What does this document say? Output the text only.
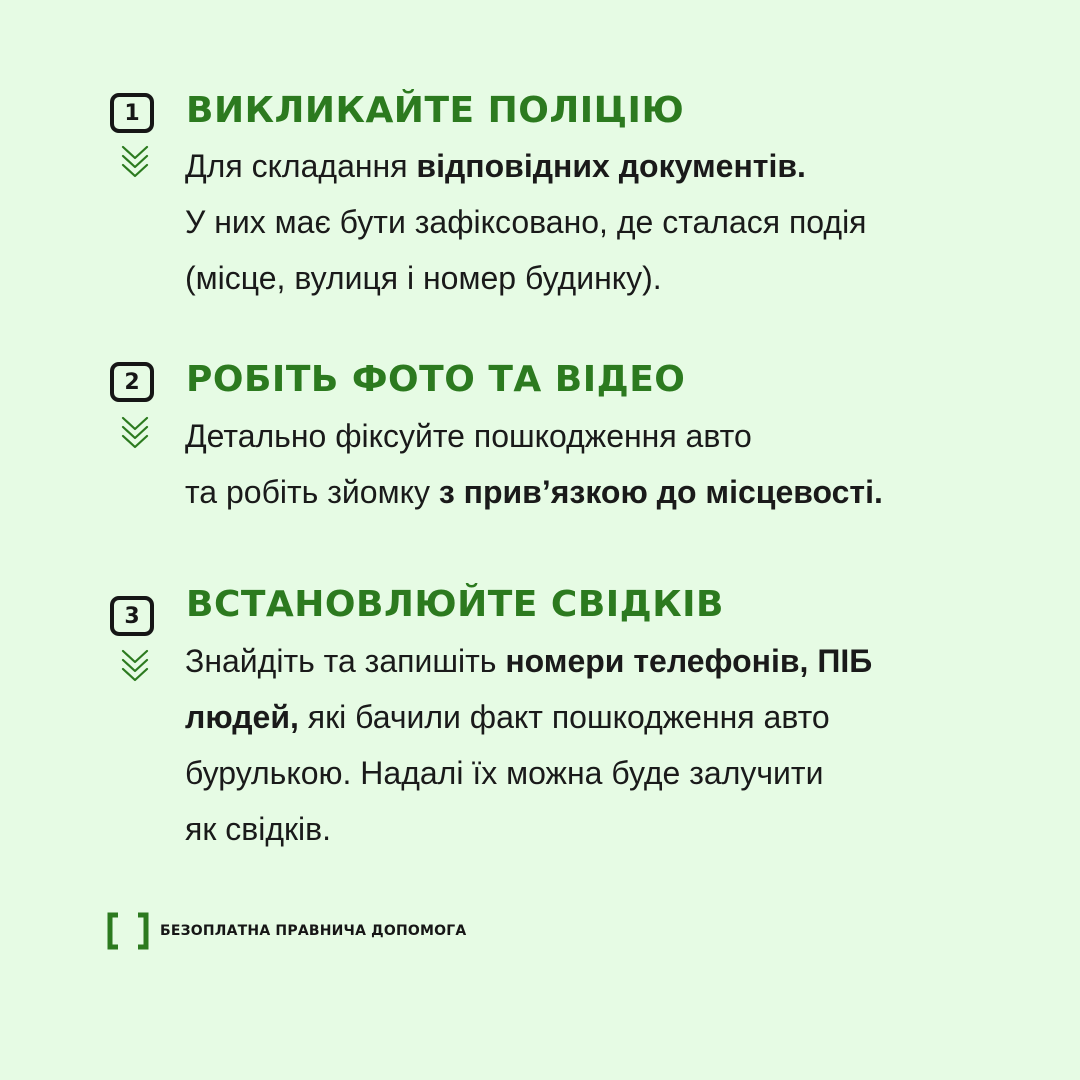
1	ВИКЛИКАЙТЕ ПОЛІЦІЮ
Для складання відповідних документів.
У них має бути зафіксовано, де сталася подія
(місце, вулиця і номер будинку).
2	РОБІТЬ ФОТО ТА ВІДЕО
Детально фіксуйте пошкодження авто
та робіть зйомку з прив’язкою до місцевості.
3	ВСТАНОВЛЮЙТЕ СВІДКІВ
Знайдіть та запишіть номери телефонів, ПІБ
людей, які бачили факт пошкодження авто
бурулькою. Надалі їх можна буде залучити
як свідків.
БЕЗОПЛАТНА ПРАВНИЧА ДОПОМОГА
